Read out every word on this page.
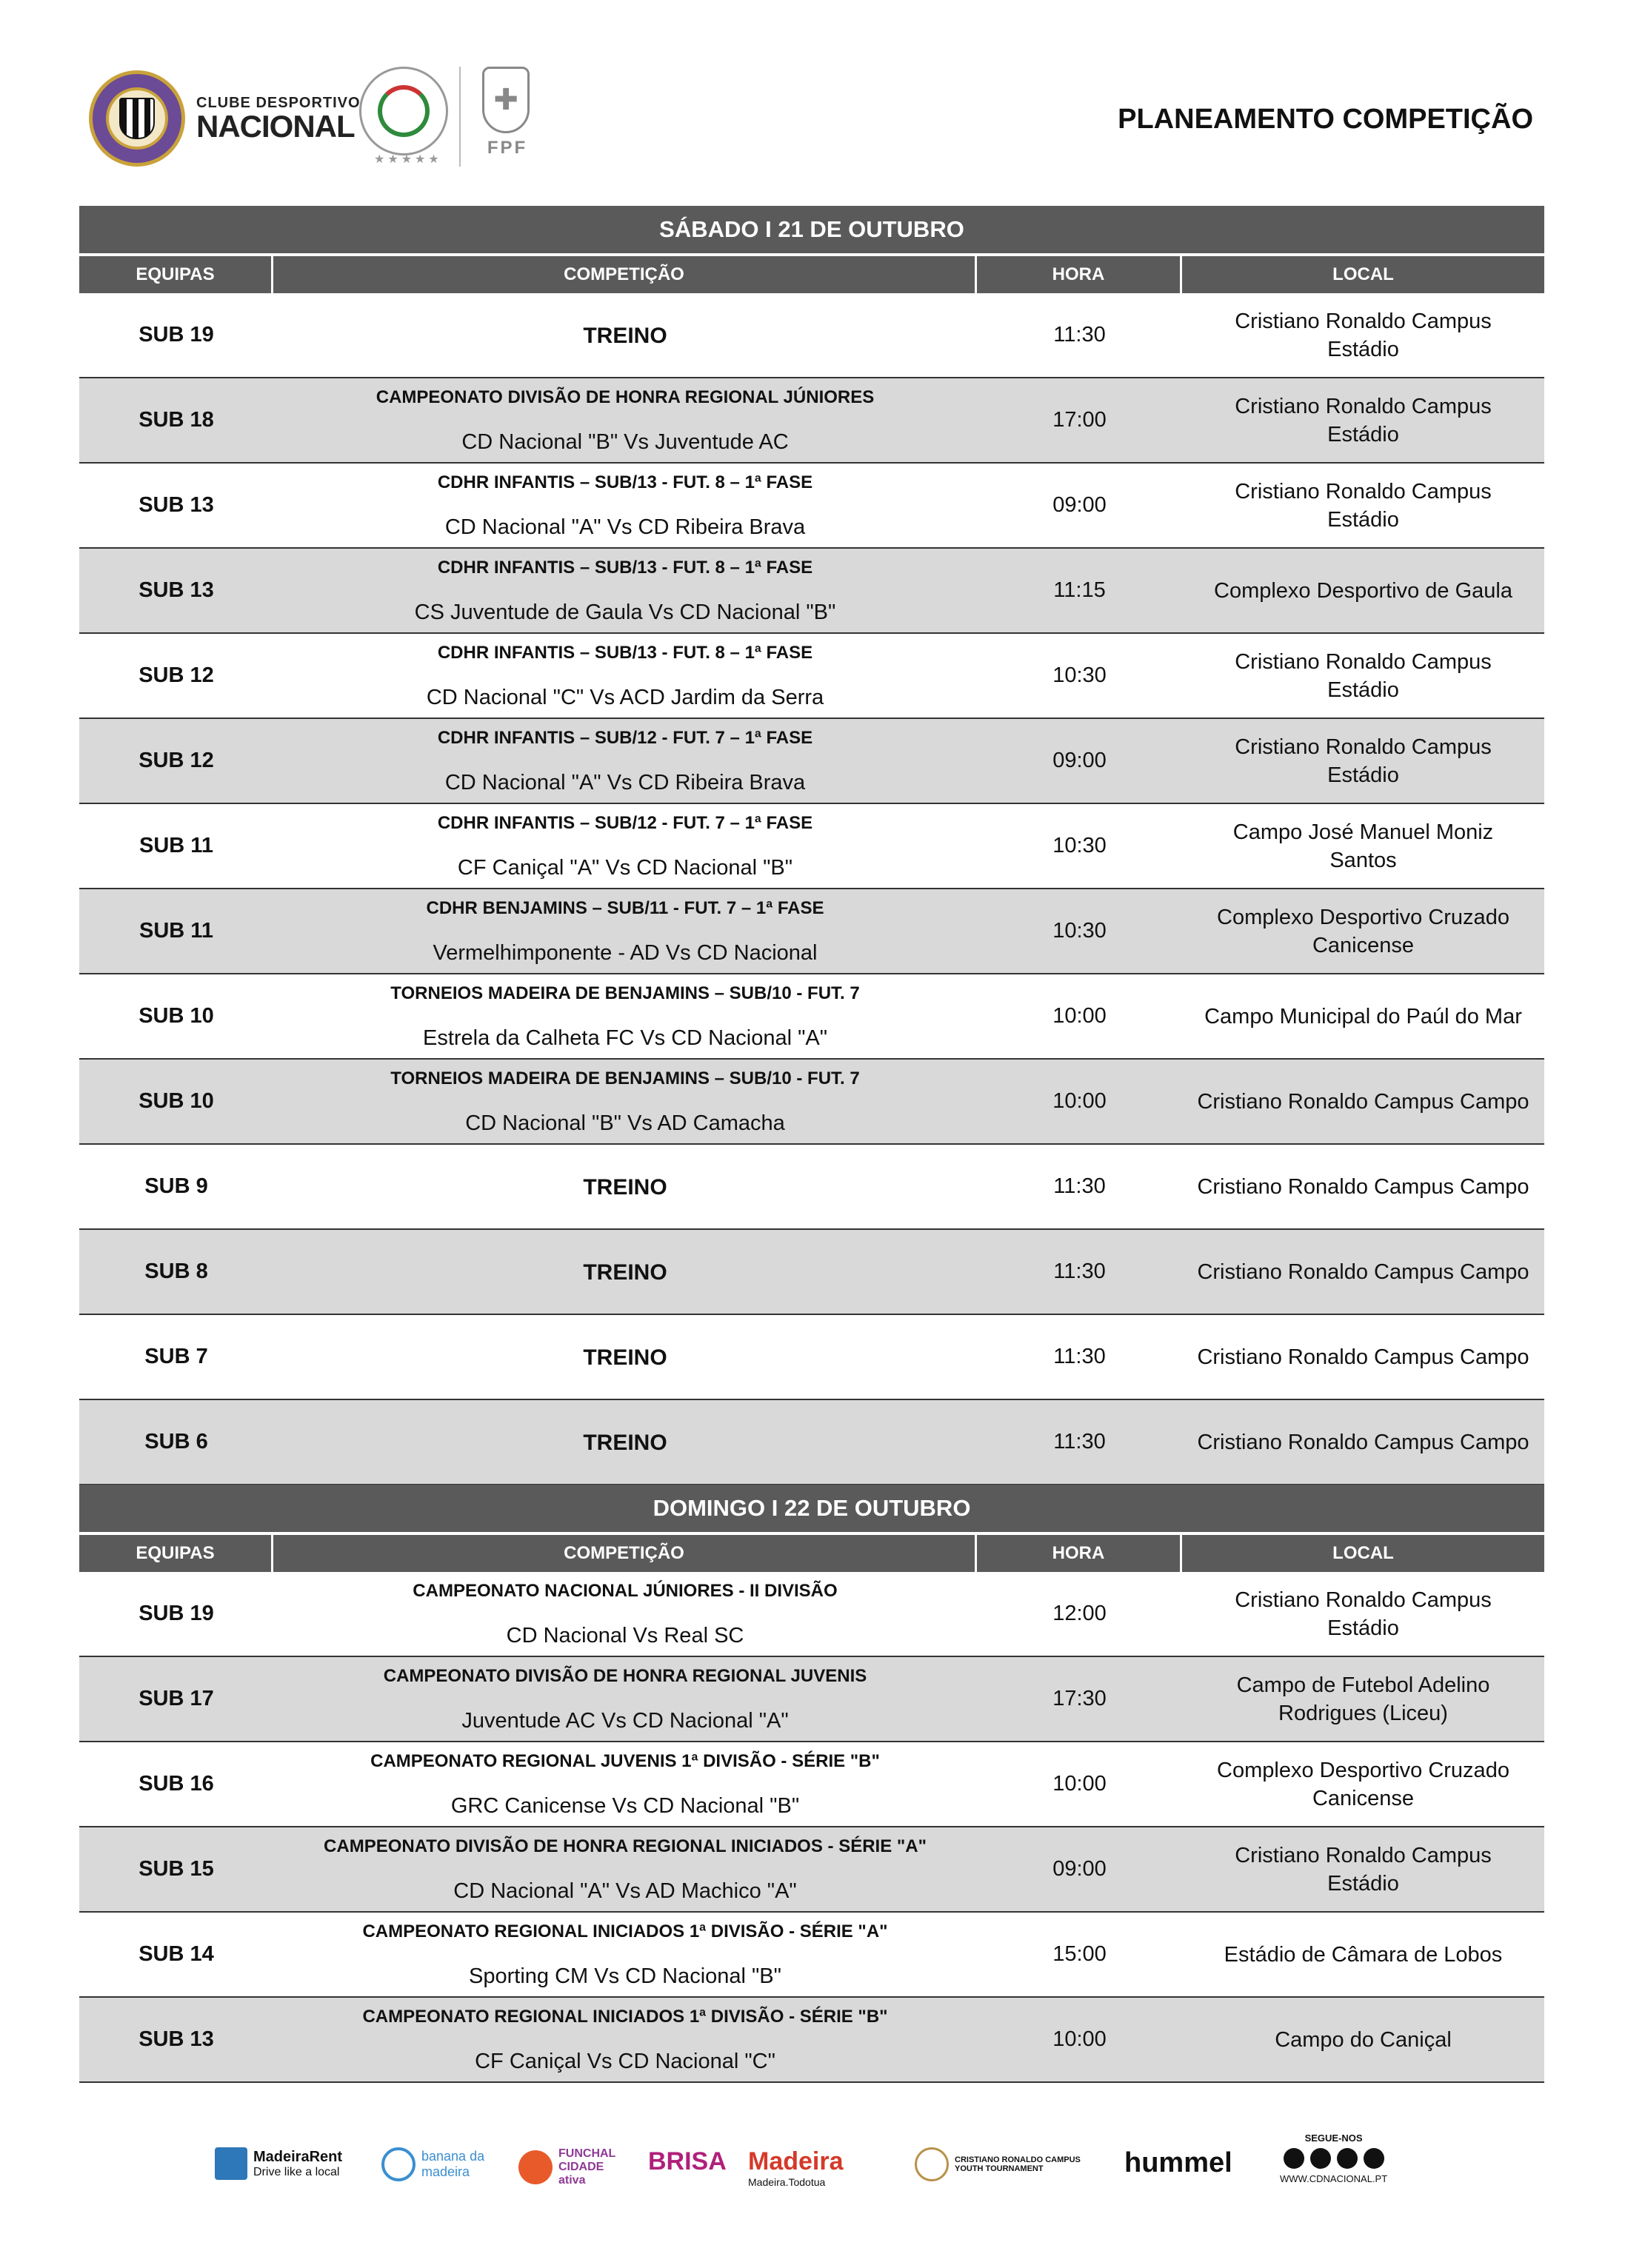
CLUBE DESPORTIVO
NACIONAL
★★★★★
✚
FPF
PLANEAMENTO COMPETIÇÃO
SÁBADO I 21 DE OUTUBRO
EQUIPAS	COMPETIÇÃO	HORA	LOCAL
SUB 19	TREINO	11:30
Cristiano Ronaldo Campus Estádio
SUB 18
CAMPEONATO DIVISÃO DE HONRA REGIONAL JÚNIORES
CD Nacional "B" Vs Juventude AC
17:00
Cristiano Ronaldo Campus Estádio
SUB 13
CDHR INFANTIS – SUB/13 - FUT. 8 – 1ª FASE
CD Nacional "A" Vs CD Ribeira Brava
09:00
Cristiano Ronaldo Campus Estádio
SUB 13
CDHR INFANTIS – SUB/13 - FUT. 8 – 1ª FASE
CS Juventude de Gaula Vs CD Nacional "B"
11:15	Complexo Desportivo de Gaula
SUB 12
CDHR INFANTIS – SUB/13 - FUT. 8 – 1ª FASE
CD Nacional "C" Vs ACD Jardim da Serra
10:30
Cristiano Ronaldo Campus Estádio
SUB 12
CDHR INFANTIS – SUB/12 - FUT. 7 – 1ª FASE
CD Nacional "A" Vs CD Ribeira Brava
09:00
Cristiano Ronaldo Campus Estádio
SUB 11
CDHR INFANTIS – SUB/12 - FUT. 7 – 1ª FASE
CF Caniçal "A" Vs CD Nacional "B"
10:30
Campo José Manuel Moniz Santos
SUB 11
CDHR BENJAMINS – SUB/11 - FUT. 7 – 1ª FASE
Vermelhimponente - AD Vs CD Nacional
10:30
Complexo Desportivo Cruzado Canicense
SUB 10
TORNEIOS MADEIRA DE BENJAMINS – SUB/10 - FUT. 7
Estrela da Calheta FC Vs CD Nacional "A"
10:00	Campo Municipal do Paúl do Mar
SUB 10
TORNEIOS MADEIRA DE BENJAMINS – SUB/10 - FUT. 7
CD Nacional "B" Vs AD Camacha
10:00	Cristiano Ronaldo Campus Campo
SUB 9	TREINO	11:30	Cristiano Ronaldo Campus Campo
SUB 8	TREINO	11:30	Cristiano Ronaldo Campus Campo
SUB 7	TREINO	11:30	Cristiano Ronaldo Campus Campo
SUB 6	TREINO	11:30	Cristiano Ronaldo Campus Campo
DOMINGO I 22 DE OUTUBRO
EQUIPAS	COMPETIÇÃO	HORA	LOCAL
SUB 19
CAMPEONATO NACIONAL JÚNIORES - II DIVISÃO
CD Nacional Vs Real SC
12:00
Cristiano Ronaldo Campus Estádio
SUB 17
CAMPEONATO DIVISÃO DE HONRA REGIONAL JUVENIS
Juventude AC Vs CD Nacional "A"
17:30
Campo de Futebol Adelino Rodrigues (Liceu)
SUB 16
CAMPEONATO REGIONAL JUVENIS 1ª DIVISÃO - SÉRIE "B"
GRC Canicense Vs CD Nacional "B"
10:00
Complexo Desportivo Cruzado Canicense
SUB 15
CAMPEONATO DIVISÃO DE HONRA REGIONAL INICIADOS - SÉRIE "A"
CD Nacional "A" Vs AD Machico "A"
09:00
Cristiano Ronaldo Campus Estádio
SUB 14
CAMPEONATO REGIONAL INICIADOS 1ª DIVISÃO - SÉRIE "A"
Sporting CM Vs CD Nacional "B"
15:00	Estádio de Câmara de Lobos
SUB 13
CAMPEONATO REGIONAL INICIADOS 1ª DIVISÃO - SÉRIE "B"
CF Caniçal Vs CD Nacional "C"
10:00	Campo do Caniçal
MadeiraRent
Drive like a local
banana da madeira
FUNCHAL CIDADE ativa
BRISA Madeira
Madeira.Todotua
CRISTIANO RONALDO CAMPUS YOUTH TOURNAMENT	hummel
SEGUE-NOS
WWW.CDNACIONAL.PT
